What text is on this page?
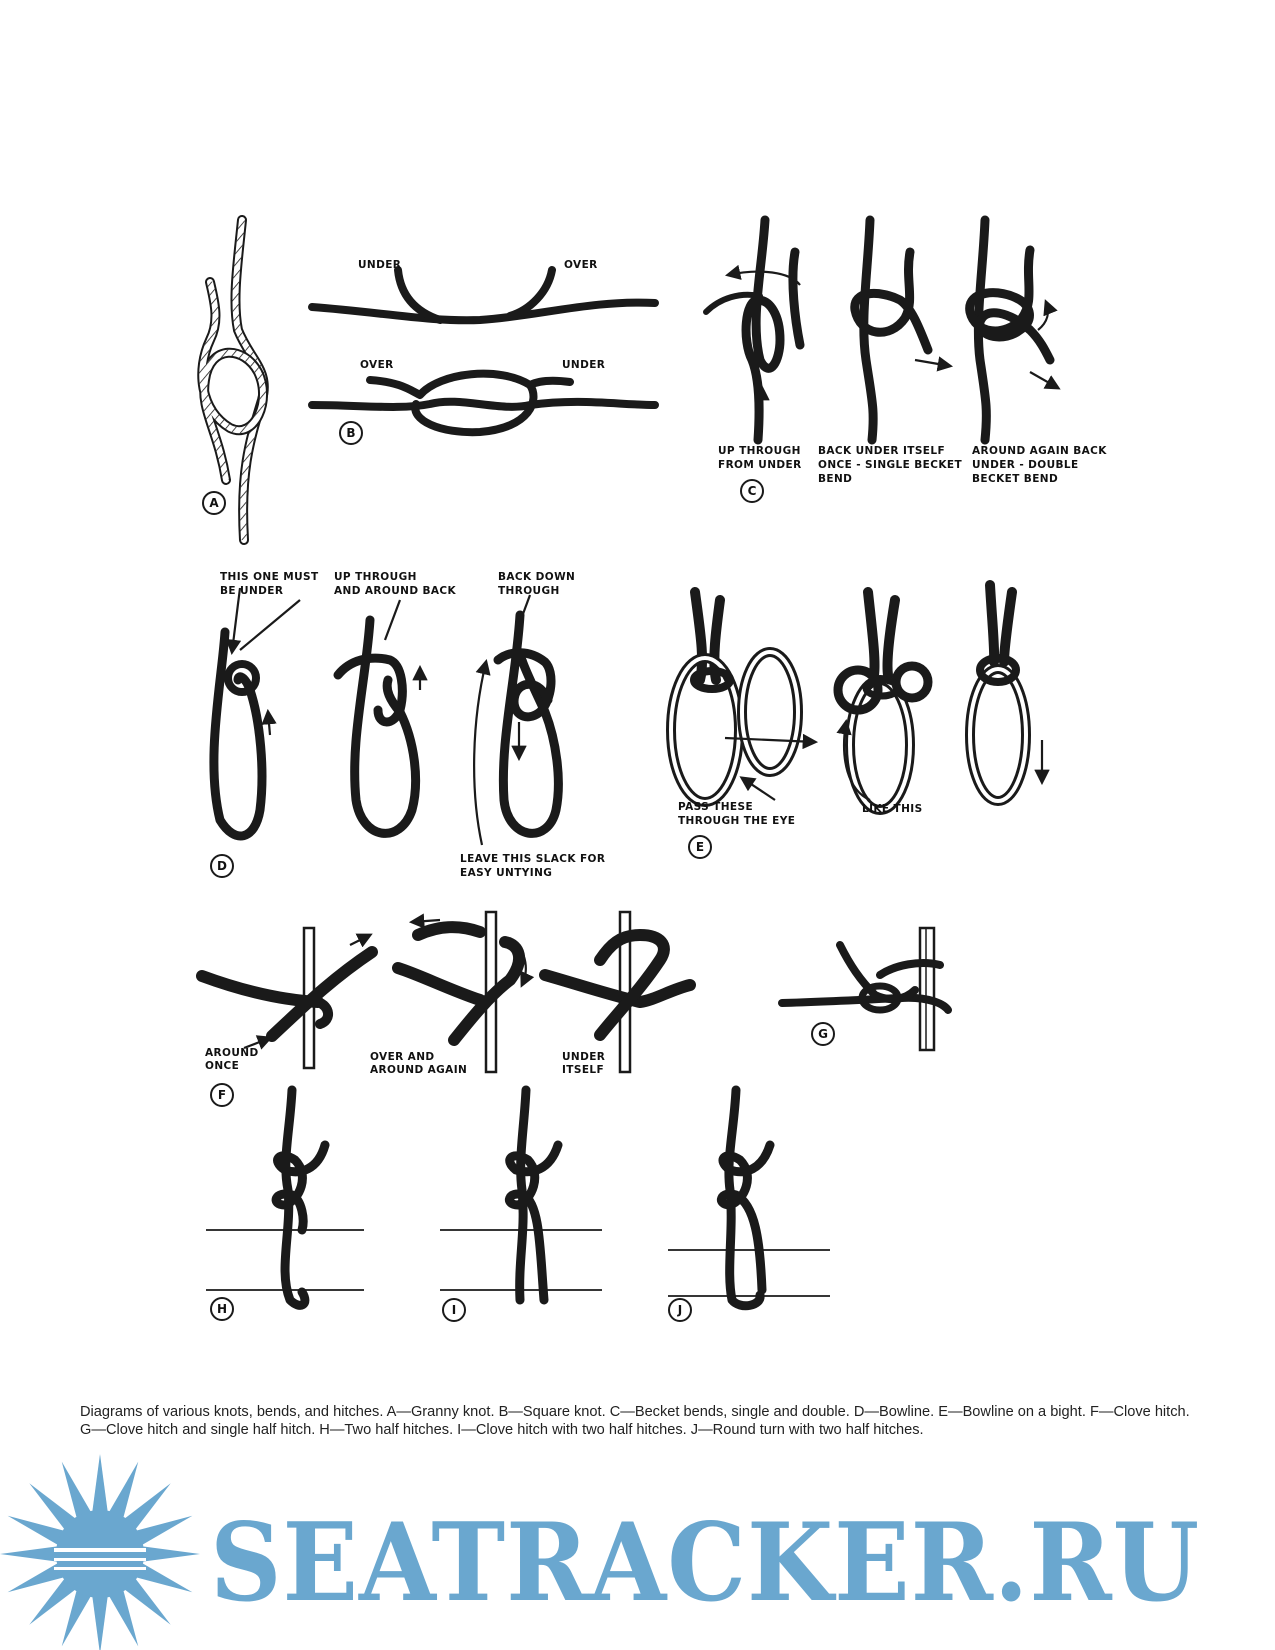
A
UNDER	OVER
OVER	UNDER
B
UP THROUGH
FROM UNDER
BACK UNDER ITSELF
ONCE - SINGLE BECKET
BEND
AROUND AGAIN BACK
UNDER - DOUBLE
BECKET BEND
C
THIS ONE MUST
BE UNDER
UP THROUGH
AND AROUND BACK
BACK DOWN
THROUGH
LEAVE THIS SLACK FOR
EASY UNTYING
D
PASS THESE
THROUGH THE EYE
LIKE THIS
E
AROUND
ONCE
OVER AND
AROUND AGAIN
UNDER
ITSELF
F
G
H	I	J
Diagrams of various knots, bends, and hitches. A—Granny knot. B—Square knot. C—Becket bends, single and double. D—Bowline. E—Bowline on a bight. F—Clove hitch. G—Clove hitch and single half hitch. H—Two half hitches. I—Clove hitch with two half hitches. J—Round turn with two half hitches.
SEATRACKER.RU
